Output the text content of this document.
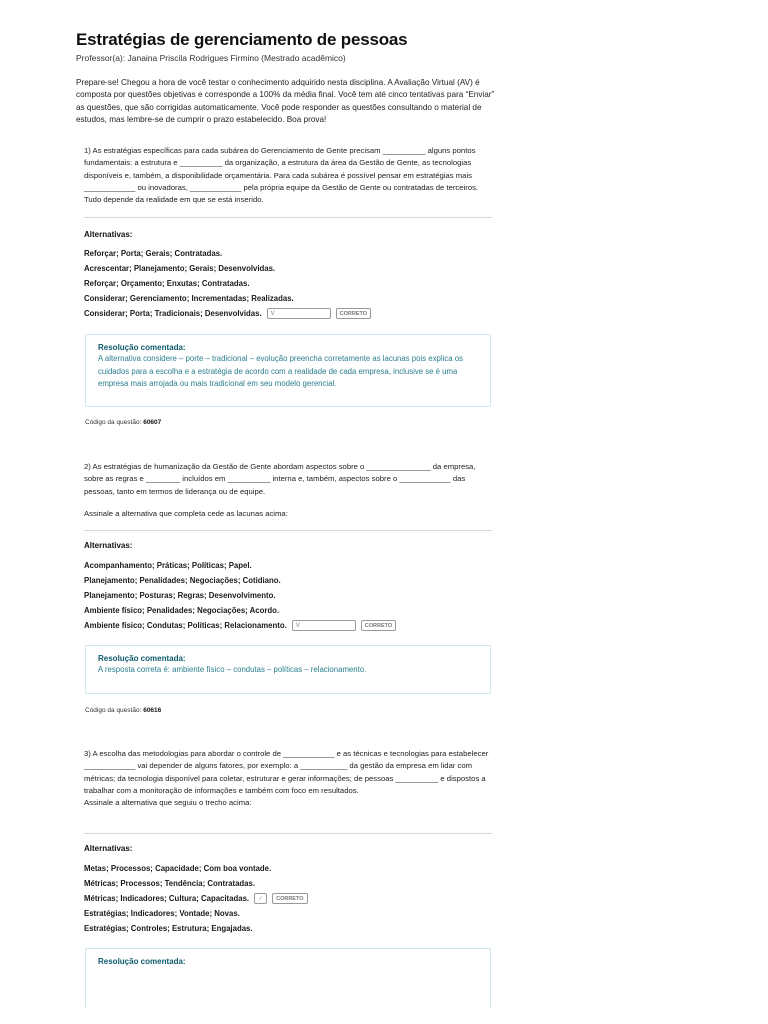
Estratégias de gerenciamento de pessoas
Professor(a): Janaina Priscila Rodrigues Firmino (Mestrado acadêmico)
Prepare-se! Chegou a hora de você testar o conhecimento adquirido nesta disciplina. A Avaliação Virtual (AV) é composta por questões objetivas e corresponde a 100% da média final. Você tem até cinco tentativas para “Enviar” as questões, que são corrigidas automaticamente. Você pode responder as questões consultando o material de estudos, mas lembre-se de cumprir o prazo estabelecido. Boa prova!
1) As estratégias específicas para cada subárea do Gerenciamento de Gente precisam __________ alguns pontos fundamentais: a estrutura e __________ da organização, a estrutura da área da Gestão de Gente, as tecnologias disponíveis e, também, a disponibilidade orçamentária. Para cada subárea é possível pensar em estratégias mais ____________ ou inovadoras, ____________ pela própria equipe da Gestão de Gente ou contratadas de terceiros. Tudo depende da realidade em que se está inserido.
Alternativas:
Reforçar; Porta; Gerais; Contratadas.
Acrescentar; Planejamento; Gerais; Desenvolvidas.
Reforçar; Orçamento; Enxutas; Contratadas.
Considerar; Gerenciamento; Incrementadas; Realizadas.
Considerar; Porta; Tradicionais; Desenvolvidas.	V	CORRETO
Resolução comentada:
A alternativa considere – porte – tradicional – evolução preencha corretamente as lacunas pois explica os cuidados para a escolha e a estratégia de acordo com a realidade de cada empresa, inclusive se é uma empresa mais arrojada ou mais tradicional em seu modelo gerencial.
Código da questão: 60607
2) As estratégias de humanização da Gestão de Gente abordam aspectos sobre o _______________ da empresa, sobre as regras e ________ incluídos em __________ interna e, também, aspectos sobre o ____________ das pessoas, tanto em termos de liderança ou de equipe.
Assinale a alternativa que completa cede as lacunas acima:
Alternativas:
Acompanhamento; Práticas; Políticas; Papel.
Planejamento; Penalidades; Negociações; Cotidiano.
Planejamento; Posturas; Regras; Desenvolvimento.
Ambiente físico; Penalidades; Negociações; Acordo.
Ambiente físico; Condutas; Políticas; Relacionamento.	V	CORRETO
Resolução comentada:
A resposta correta é: ambiente físico – condutas – políticas – relacionamento.
Código da questão: 60616
3) A escolha das metodologias para abordar o controle de ____________ e as técnicas e tecnologias para estabelecer ____________ vai depender de alguns fatores, por exemplo: a ___________ da gestão da empresa em lidar com métricas; da tecnologia disponível para coletar, estruturar e gerar informações; de pessoas __________ e dispostos a trabalhar com a monitoração de informações e também com foco em resultados.
Assinale a alternativa que seguiu o trecho acima:
Alternativas:
Metas; Processos; Capacidade; Com boa vontade.
Métricas; Processos; Tendência; Contratadas.
Métricas; Indicadores; Cultura; Capacitadas.	✓	CORRETO
Estratégias; Indicadores; Vontade; Novas.
Estratégias; Controles; Estrutura; Engajadas.
Resolução comentada:
